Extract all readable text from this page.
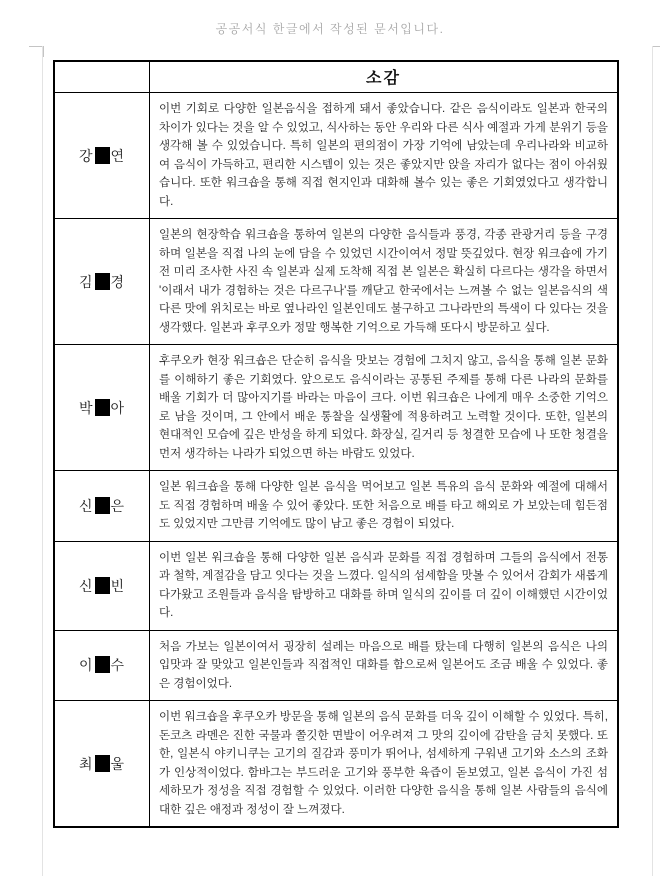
공공서식 한글에서 작성된 문서입니다.
	소감
강 연	이번 기회로 다양한 일본음식을 접하게 돼서 좋았습니다. 같은 음식이라도 일본과 한국의 차이가 있다는 것을 알 수 있었고, 식사하는 동안 우리와 다른 식사 예절과 가게 분위기 등을 생각해 볼 수 있었습니다. 특히 일본의 편의점이 가장 기억에 남았는데 우리나라와 비교하여 음식이 가득하고, 편리한 시스템이 있는 것은 좋았지만 앉을 자리가 없다는 점이 아쉬웠습니다. 또한 워크숍을 통해 직접 현지인과 대화해 볼수 있는 좋은 기회였었다고 생각합니다.
김 경	일본의 현장학습 워크숍을 통하여 일본의 다양한 음식들과 풍경, 각종 관광거리 등을 구경하며 일본을 직접 나의 눈에 담을 수 있었던 시간이여서 정말 뜻깊었다. 현장 워크숍에 가기 전 미리 조사한 사진 속 일본과 실제 도착해 직접 본 일본은 확실히 다르다는 생각을 하면서 '이래서 내가 경험하는 것은 다르구나'를 깨닫고 한국에서는 느껴볼 수 없는 일본음식의 색다른 맛에 위치로는 바로 옆나라인 일본인데도 불구하고 그나라만의 특색이 다 있다는 것을 생각했다. 일본과 후쿠오카 정말 행복한 기억으로 가득해 또다시 방문하고 싶다.
박 아	후쿠오카 현장 워크숍은 단순히 음식을 맛보는 경험에 그치지 않고, 음식을 통해 일본 문화를 이해하기 좋은 기회였다. 앞으로도 음식이라는 공통된 주제를 통해 다른 나라의 문화를 배울 기회가 더 많아지기를 바라는 마음이 크다. 이번 워크숍은 나에게 매우 소중한 기억으로 남을 것이며, 그 안에서 배운 통찰을 실생활에 적용하려고 노력할 것이다. 또한, 일본의 현대적인 모습에 깊은 반성을 하게 되었다. 화장실, 길거리 등 청결한 모습에 나 또한 청결을 먼저 생각하는 나라가 되었으면 하는 바람도 있었다.
신 은	일본 워크숍을 통해 다양한 일본 음식을 먹어보고 일본 특유의 음식 문화와 예절에 대해서도 직접 경험하며 배울 수 있어 좋았다. 또한 처음으로 배를 타고 해외로 가 보았는데 힘든점도 있었지만 그만큼 기억에도 많이 남고 좋은 경험이 되었다.
신 빈	이번 일본 워크숍을 통해 다양한 일본 음식과 문화를 직접 경험하며 그들의 음식에서 전통과 철학, 계절감을 담고 잇다는 것을 느꼈다. 일식의 섬세함을 맛볼 수 있어서 감회가 새롭게 다가왔고 조원들과 음식을 탐방하고 대화를 하며 일식의 깊이를 더 깊이 이해했던 시간이었다.
이 수	처음 가보는 일본이여서 굉장히 설레는 마음으로 배를 탔는데 다행히 일본의 음식은 나의 입맛과 잘 맞았고 일본인들과 직접적인 대화를 함으로써 일본어도 조금 배울 수 있었다. 좋은 경험이었다.
최 울	이번 워크숍을 후쿠오카 방문을 통해 일본의 음식 문화를 더욱 깊이 이해할 수 있었다. 특히, 돈코츠 라멘은 진한 국물과 쫄깃한 면발이 어우려져 그 맛의 깊이에 감탄을 금치 못했다. 또한, 일본식 야키니쿠는 고기의 질감과 풍미가 뛰어나, 섬세하게 구워낸 고기와 소스의 조화가 인상적이었다. 함바그는 부드러운 고기와 풍부한 육즙이 돋보였고, 일본 음식이 가진 섬세하모가 정성을 직접 경험할 수 있었다. 이러한 다양한 음식을 통해 일본 사람들의 음식에 대한 깊은 애정과 정성이 잘 느껴졌다.
